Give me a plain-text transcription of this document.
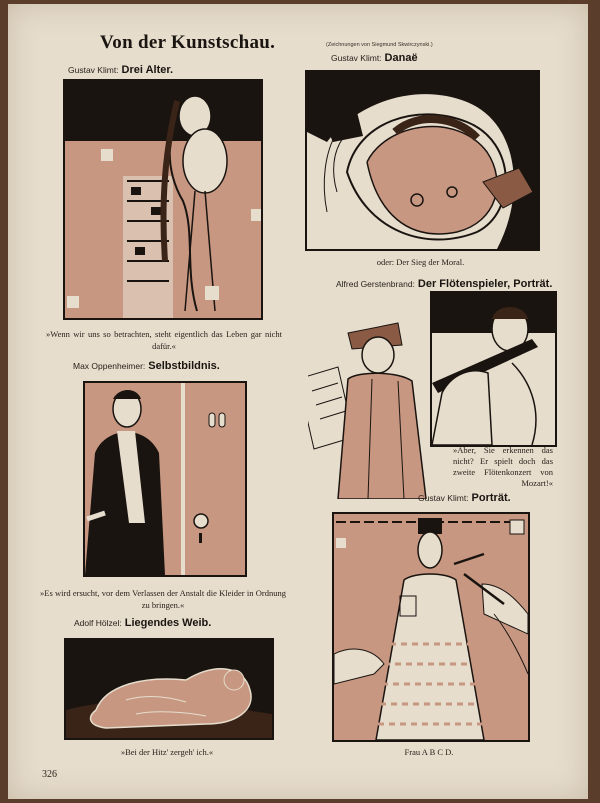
Von der Kunstschau.	(Zeichnungen von Siegmund Skwirczynski.)
Gustav Klimt: Drei Alter.
»Wenn wir uns so betrachten, steht eigentlich das Leben gar nicht dafür.«
Max Oppenheimer: Selbstbildnis.
»Es wird ersucht, vor dem Verlassen der Anstalt die Kleider in Ordnung zu bringen.«
Adolf Hölzel: Liegendes Weib.
»Bei der Hitz' zergeh' ich.«
326
Gustav Klimt: Danaë
oder: Der Sieg der Moral.
Alfred Gerstenbrand: Der Flötenspieler, Porträt.
»Aber, Sie erkennen das nicht? Er spielt doch das zweite Flötenkonzert von Mozart!«
Gustav Klimt: Porträt.
Frau A B C D.
